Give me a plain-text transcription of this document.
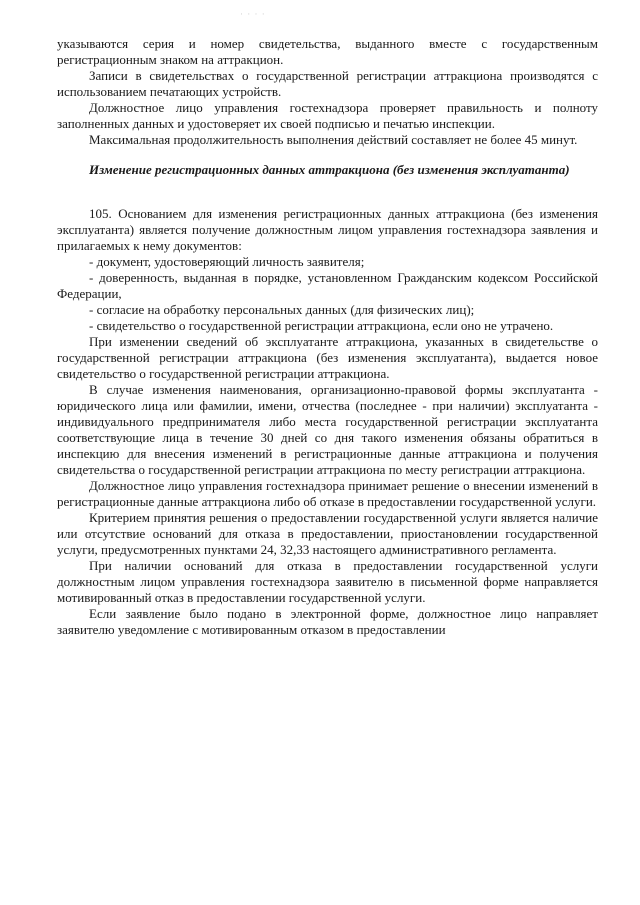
· · · ·

указываются серия и номер свидетельства, выданного вместе с государственным регистрационным знаком на аттракцион.

Записи в свидетельствах о государственной регистрации аттракциона производятся с использованием печатающих устройств.

Должностное лицо управления гостехнадзора проверяет правильность и полноту заполненных данных и удостоверяет их своей подписью и печатью инспекции.

Максимальная продолжительность выполнения действий составляет не более 45 минут.

Изменение регистрационных данных аттракциона (без изменения эксплуатанта)

105. Основанием для изменения регистрационных данных аттракциона (без изменения эксплуатанта) является получение должностным лицом управления гостехнадзора заявления и прилагаемых к нему документов:

- документ, удостоверяющий личность заявителя;

- доверенность, выданная в порядке, установленном Гражданским кодексом Российской Федерации,

- согласие на обработку персональных данных (для физических лиц);

- свидетельство о государственной регистрации аттракциона, если оно не утрачено.

При изменении сведений об эксплуатанте аттракциона, указанных в свидетельстве о государственной регистрации аттракциона (без изменения эксплуатанта), выдается новое свидетельство о государственной регистрации аттракциона.

В случае изменения наименования, организационно-правовой формы эксплуатанта - юридического лица или фамилии, имени, отчества (последнее - при наличии) эксплуатанта - индивидуального предпринимателя либо места государственной регистрации эксплуатанта соответствующие лица в течение 30 дней со дня такого изменения обязаны обратиться в инспекцию для внесения изменений в регистрационные данные аттракциона и получения свидетельства о государственной регистрации аттракциона по месту регистрации аттракциона.

Должностное лицо управления гостехнадзора принимает решение о внесении изменений в регистрационные данные аттракциона либо об отказе в предоставлении государственной услуги.

Критерием принятия решения о предоставлении государственной услуги является наличие или отсутствие оснований для отказа в предоставлении, приостановлении государственной услуги, предусмотренных пунктами 24, 32,33 настоящего административного регламента.

При наличии оснований для отказа в предоставлении государственной услуги должностным лицом управления гостехнадзора заявителю в письменной форме направляется мотивированный отказ в предоставлении государственной услуги.

Если заявление было подано в электронной форме, должностное лицо направляет заявителю уведомление с мотивированным отказом в предоставлении
